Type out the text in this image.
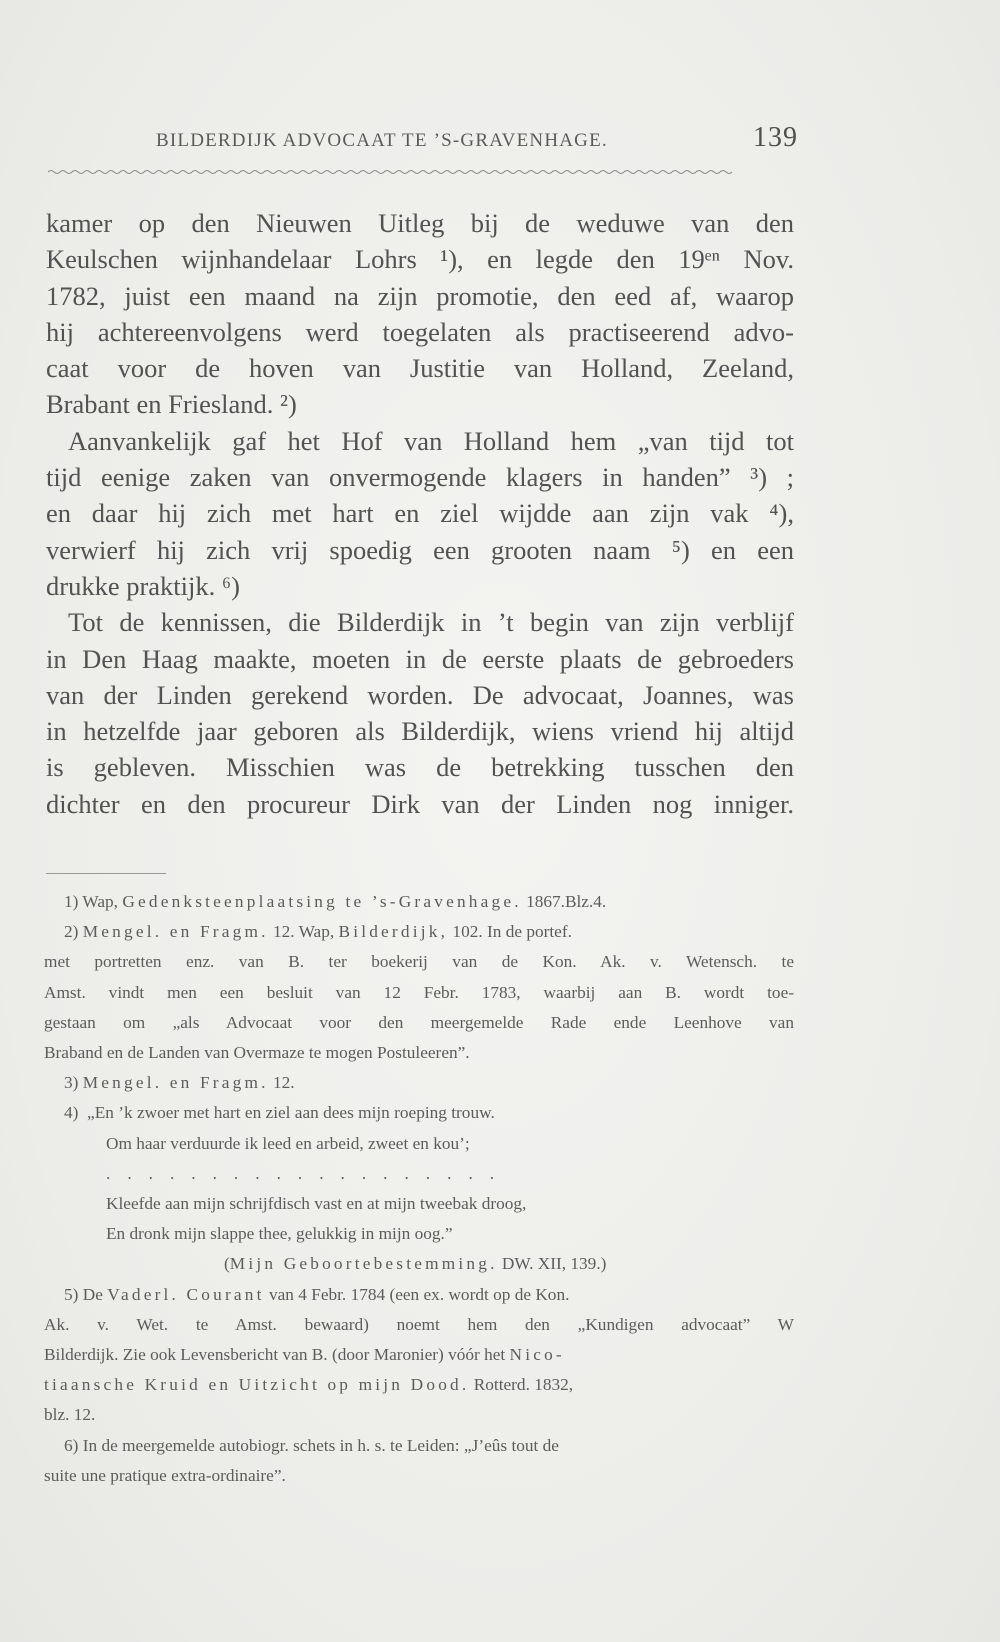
BILDERDIJK ADVOCAAT TE ’S-GRAVENHAGE.	139
kamer op den Nieuwen Uitleg bij de weduwe van den
Keulschen wijnhandelaar Lohrs ¹), en legde den 19ᵉⁿ Nov.
1782, juist een maand na zijn promotie, den eed af, waarop
hij achtereenvolgens werd toegelaten als practiseerend advo-
caat voor de hoven van Justitie van Holland, Zeeland,
Brabant en Friesland. ²)
Aanvankelijk gaf het Hof van Holland hem „van tijd tot
tijd eenige zaken van onvermogende klagers in handen” ³) ;
en daar hij zich met hart en ziel wijdde aan zijn vak ⁴),
verwierf hij zich vrij spoedig een grooten naam ⁵) en een
drukke praktijk. ⁶)
Tot de kennissen, die Bilderdijk in ’t begin van zijn verblijf
in Den Haag maakte, moeten in de eerste plaats de gebroeders
van der Linden gerekend worden. De advocaat, Joannes, was
in hetzelfde jaar geboren als Bilderdijk, wiens vriend hij altijd
is gebleven. Misschien was de betrekking tusschen den
dichter en den procureur Dirk van der Linden nog inniger.
1) Wap, Gedenksteenplaatsing te ’s-Gravenhage. 1867.Blz.4.
2) Mengel. en Fragm. 12. Wap, Bilderdijk, 102. In de portef.
met portretten enz. van B. ter boekerij van de Kon. Ak. v. Wetensch. te
Amst. vindt men een besluit van 12 Febr. 1783, waarbij aan B. wordt toe-
gestaan om „als Advocaat voor den meergemelde Rade ende Leenhove van
Braband en de Landen van Overmaze te mogen Postuleeren”.
3) Mengel. en Fragm. 12.
4) „En ’k zwoer met hart en ziel aan dees mijn roeping trouw.
Om haar verduurde ik leed en arbeid, zweet en kou’;
...................
Kleefde aan mijn schrijfdisch vast en at mijn tweebak droog,
En dronk mijn slappe thee, gelukkig in mijn oog.”
(Mijn Geboortebestemming. DW. XII, 139.)
5) De Vaderl. Courant van 4 Febr. 1784 (een ex. wordt op de Kon.
Ak. v. Wet. te Amst. bewaard) noemt hem den „Kundigen advocaat” W
Bilderdijk. Zie ook Levensbericht van B. (door Maronier) vóór het Nico-
tiaansche Kruid en Uitzicht op mijn Dood. Rotterd. 1832,
blz. 12.
6) In de meergemelde autobiogr. schets in h. s. te Leiden: „J’eûs tout de
suite une pratique extra-ordinaire”.
